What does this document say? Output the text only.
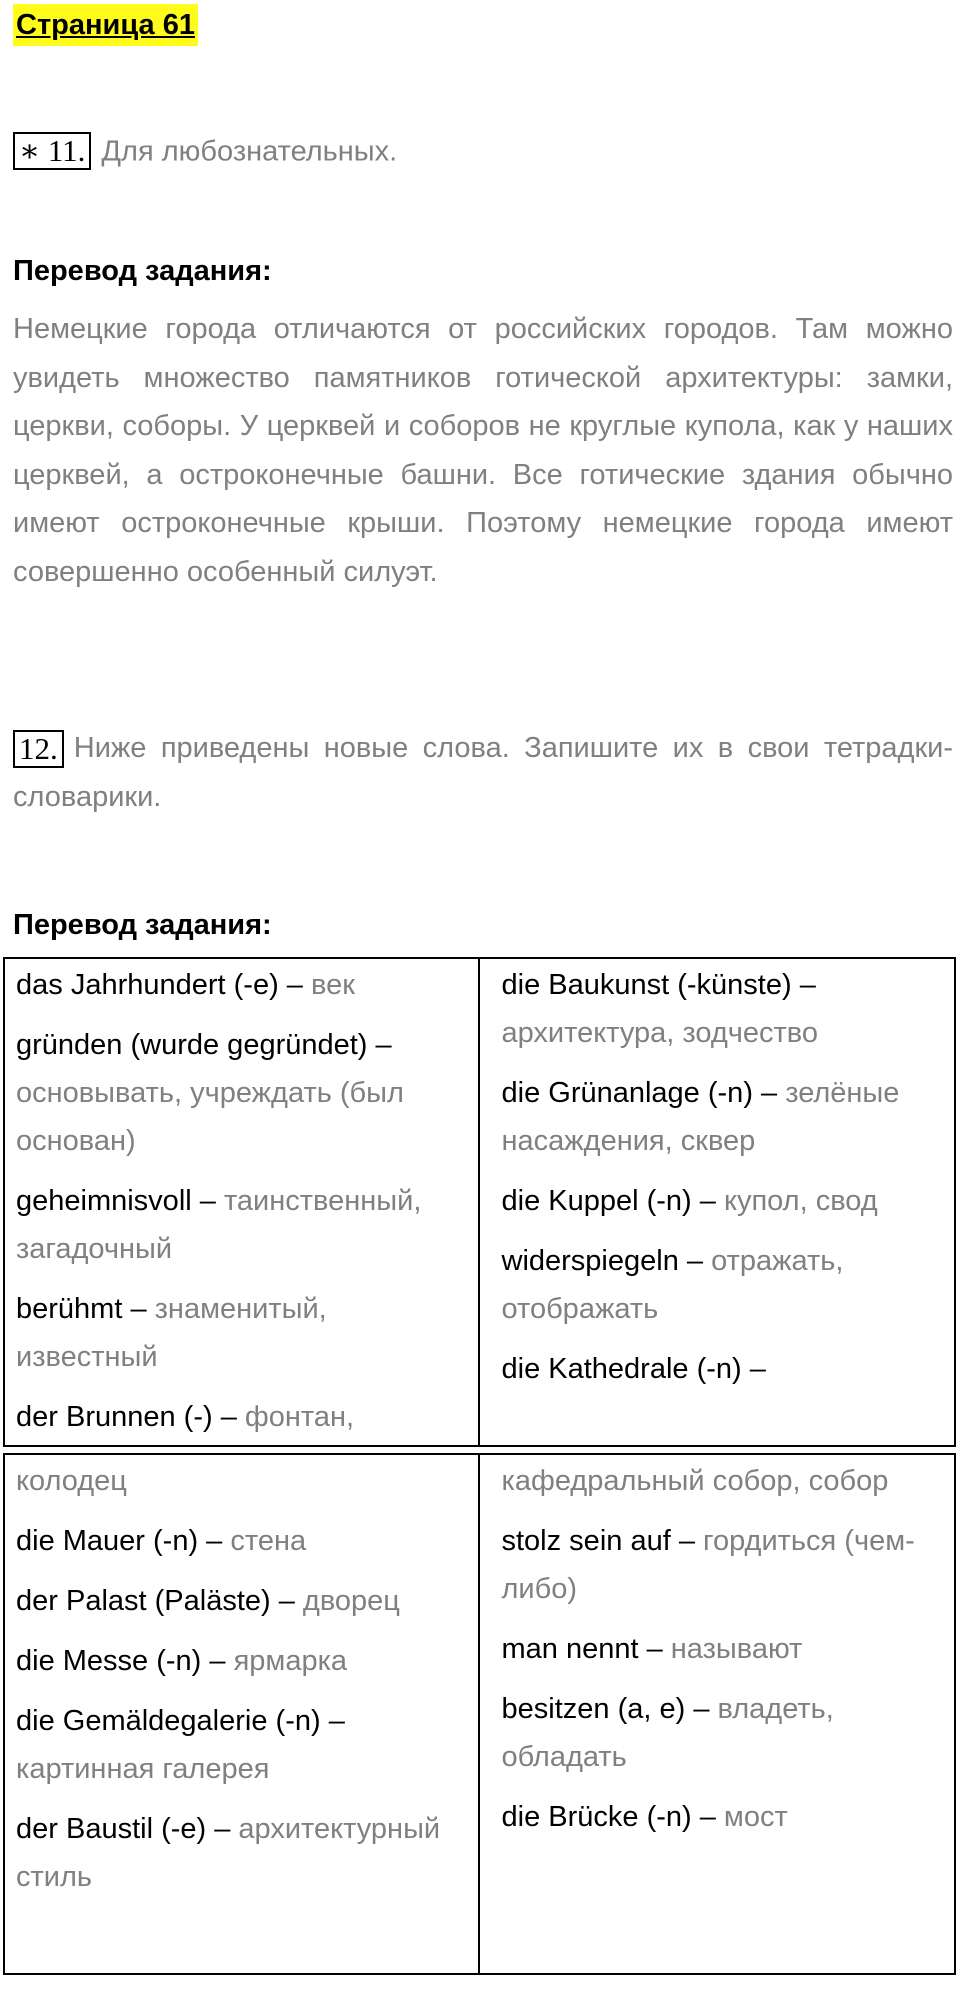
Страница 61
∗ 11. Для любознательных.
Перевод задания:
Немецкие города отличаются от российских городов. Там можно увидеть множество памятников готической архитектуры: замки, церкви, соборы. У церквей и соборов не круглые купола, как у наших церквей, а остроконечные башни. Все готические здания обычно имеют остроконечные крыши. Поэтому немецкие города имеют совершенно особенный силуэт.
12. Ниже приведены новые слова. Запишите их в свои тетрадки-словарики.
Перевод задания:
das Jahrhundert (-e) – век
gründen (wurde gegründet) – основывать, учреждать (был основан)
geheimnisvoll – таинственный, загадочный
berühmt – знаменитый, известный
der Brunnen (-) – фонтан,
die Baukunst (-künste) – архитектура, зодчество
die Grünanlage (-n) – зелёные насаждения, сквер
die Kuppel (-n) – купол, свод
widerspiegeln – отражать, отображать
die Kathedrale (-n) –
колодец
die Mauer (-n) – стена
der Palast (Paläste) – дворец
die Messe (-n) – ярмарка
die Gemäldegalerie (-n) – картинная галерея
der Baustil (-e) – архитектурный стиль
кафедральный собор, собор
stolz sein auf – гордиться (чем-либо)
man nennt – называют
besitzen (a, e) – владеть, обладать
die Brücke (-n) – мост
